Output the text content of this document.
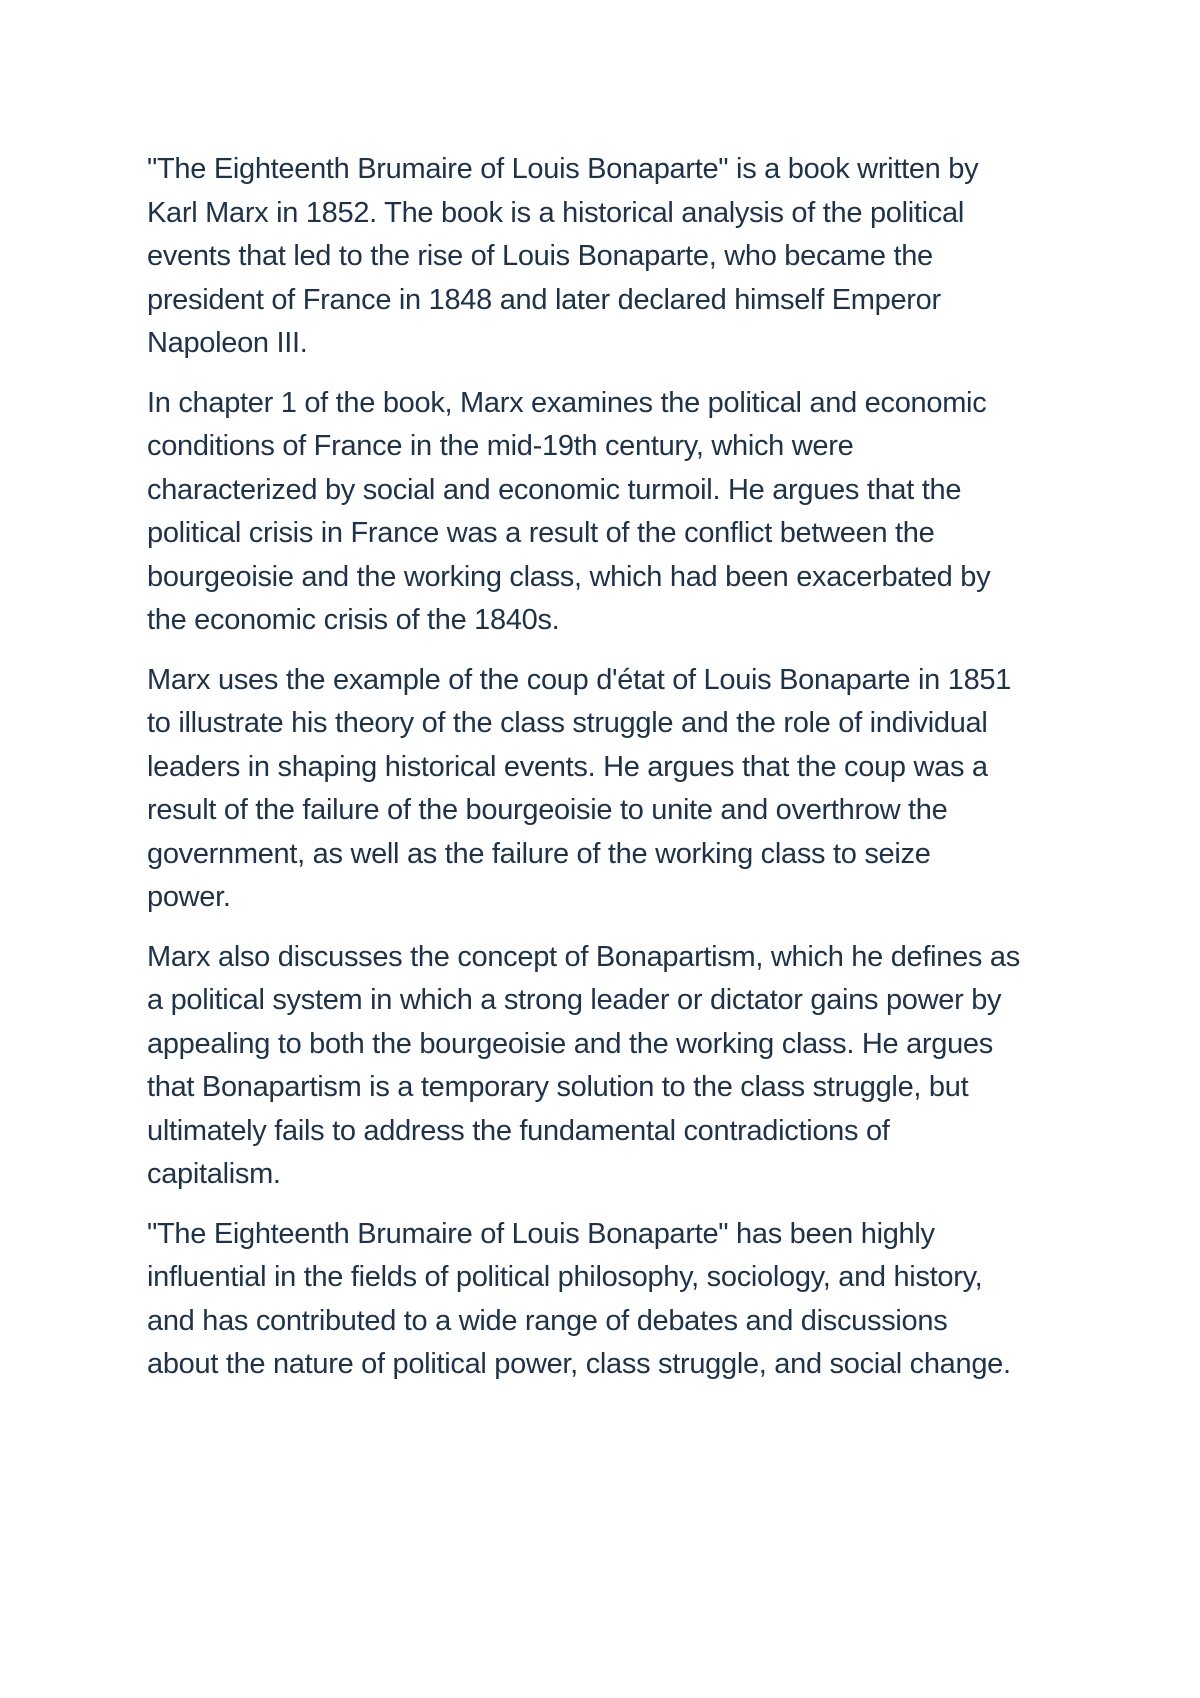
"The Eighteenth Brumaire of Louis Bonaparte" is a book written by
Karl Marx in 1852. The book is a historical analysis of the political
events that led to the rise of Louis Bonaparte, who became the
president of France in 1848 and later declared himself Emperor
Napoleon III.

In chapter 1 of the book, Marx examines the political and economic
conditions of France in the mid-19th century, which were
characterized by social and economic turmoil. He argues that the
political crisis in France was a result of the conflict between the
bourgeoisie and the working class, which had been exacerbated by
the economic crisis of the 1840s.

Marx uses the example of the coup d'état of Louis Bonaparte in 1851
to illustrate his theory of the class struggle and the role of individual
leaders in shaping historical events. He argues that the coup was a
result of the failure of the bourgeoisie to unite and overthrow the
government, as well as the failure of the working class to seize
power.

Marx also discusses the concept of Bonapartism, which he defines as
a political system in which a strong leader or dictator gains power by
appealing to both the bourgeoisie and the working class. He argues
that Bonapartism is a temporary solution to the class struggle, but
ultimately fails to address the fundamental contradictions of
capitalism.

"The Eighteenth Brumaire of Louis Bonaparte" has been highly
influential in the fields of political philosophy, sociology, and history,
and has contributed to a wide range of debates and discussions
about the nature of political power, class struggle, and social change.
